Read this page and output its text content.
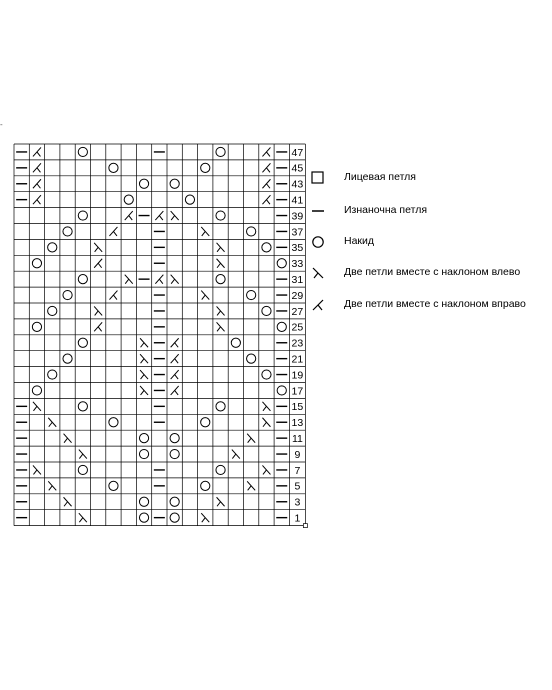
47
45
43
41
39
37
35
33
31
29
27
25
23
21
19
17
15
13
11
9
7
5
3
1
-
Лицевая петля
Изнаночна петля
Накид
Две петли вместе с наклоном влево
Две петли вместе с наклоном вправо
